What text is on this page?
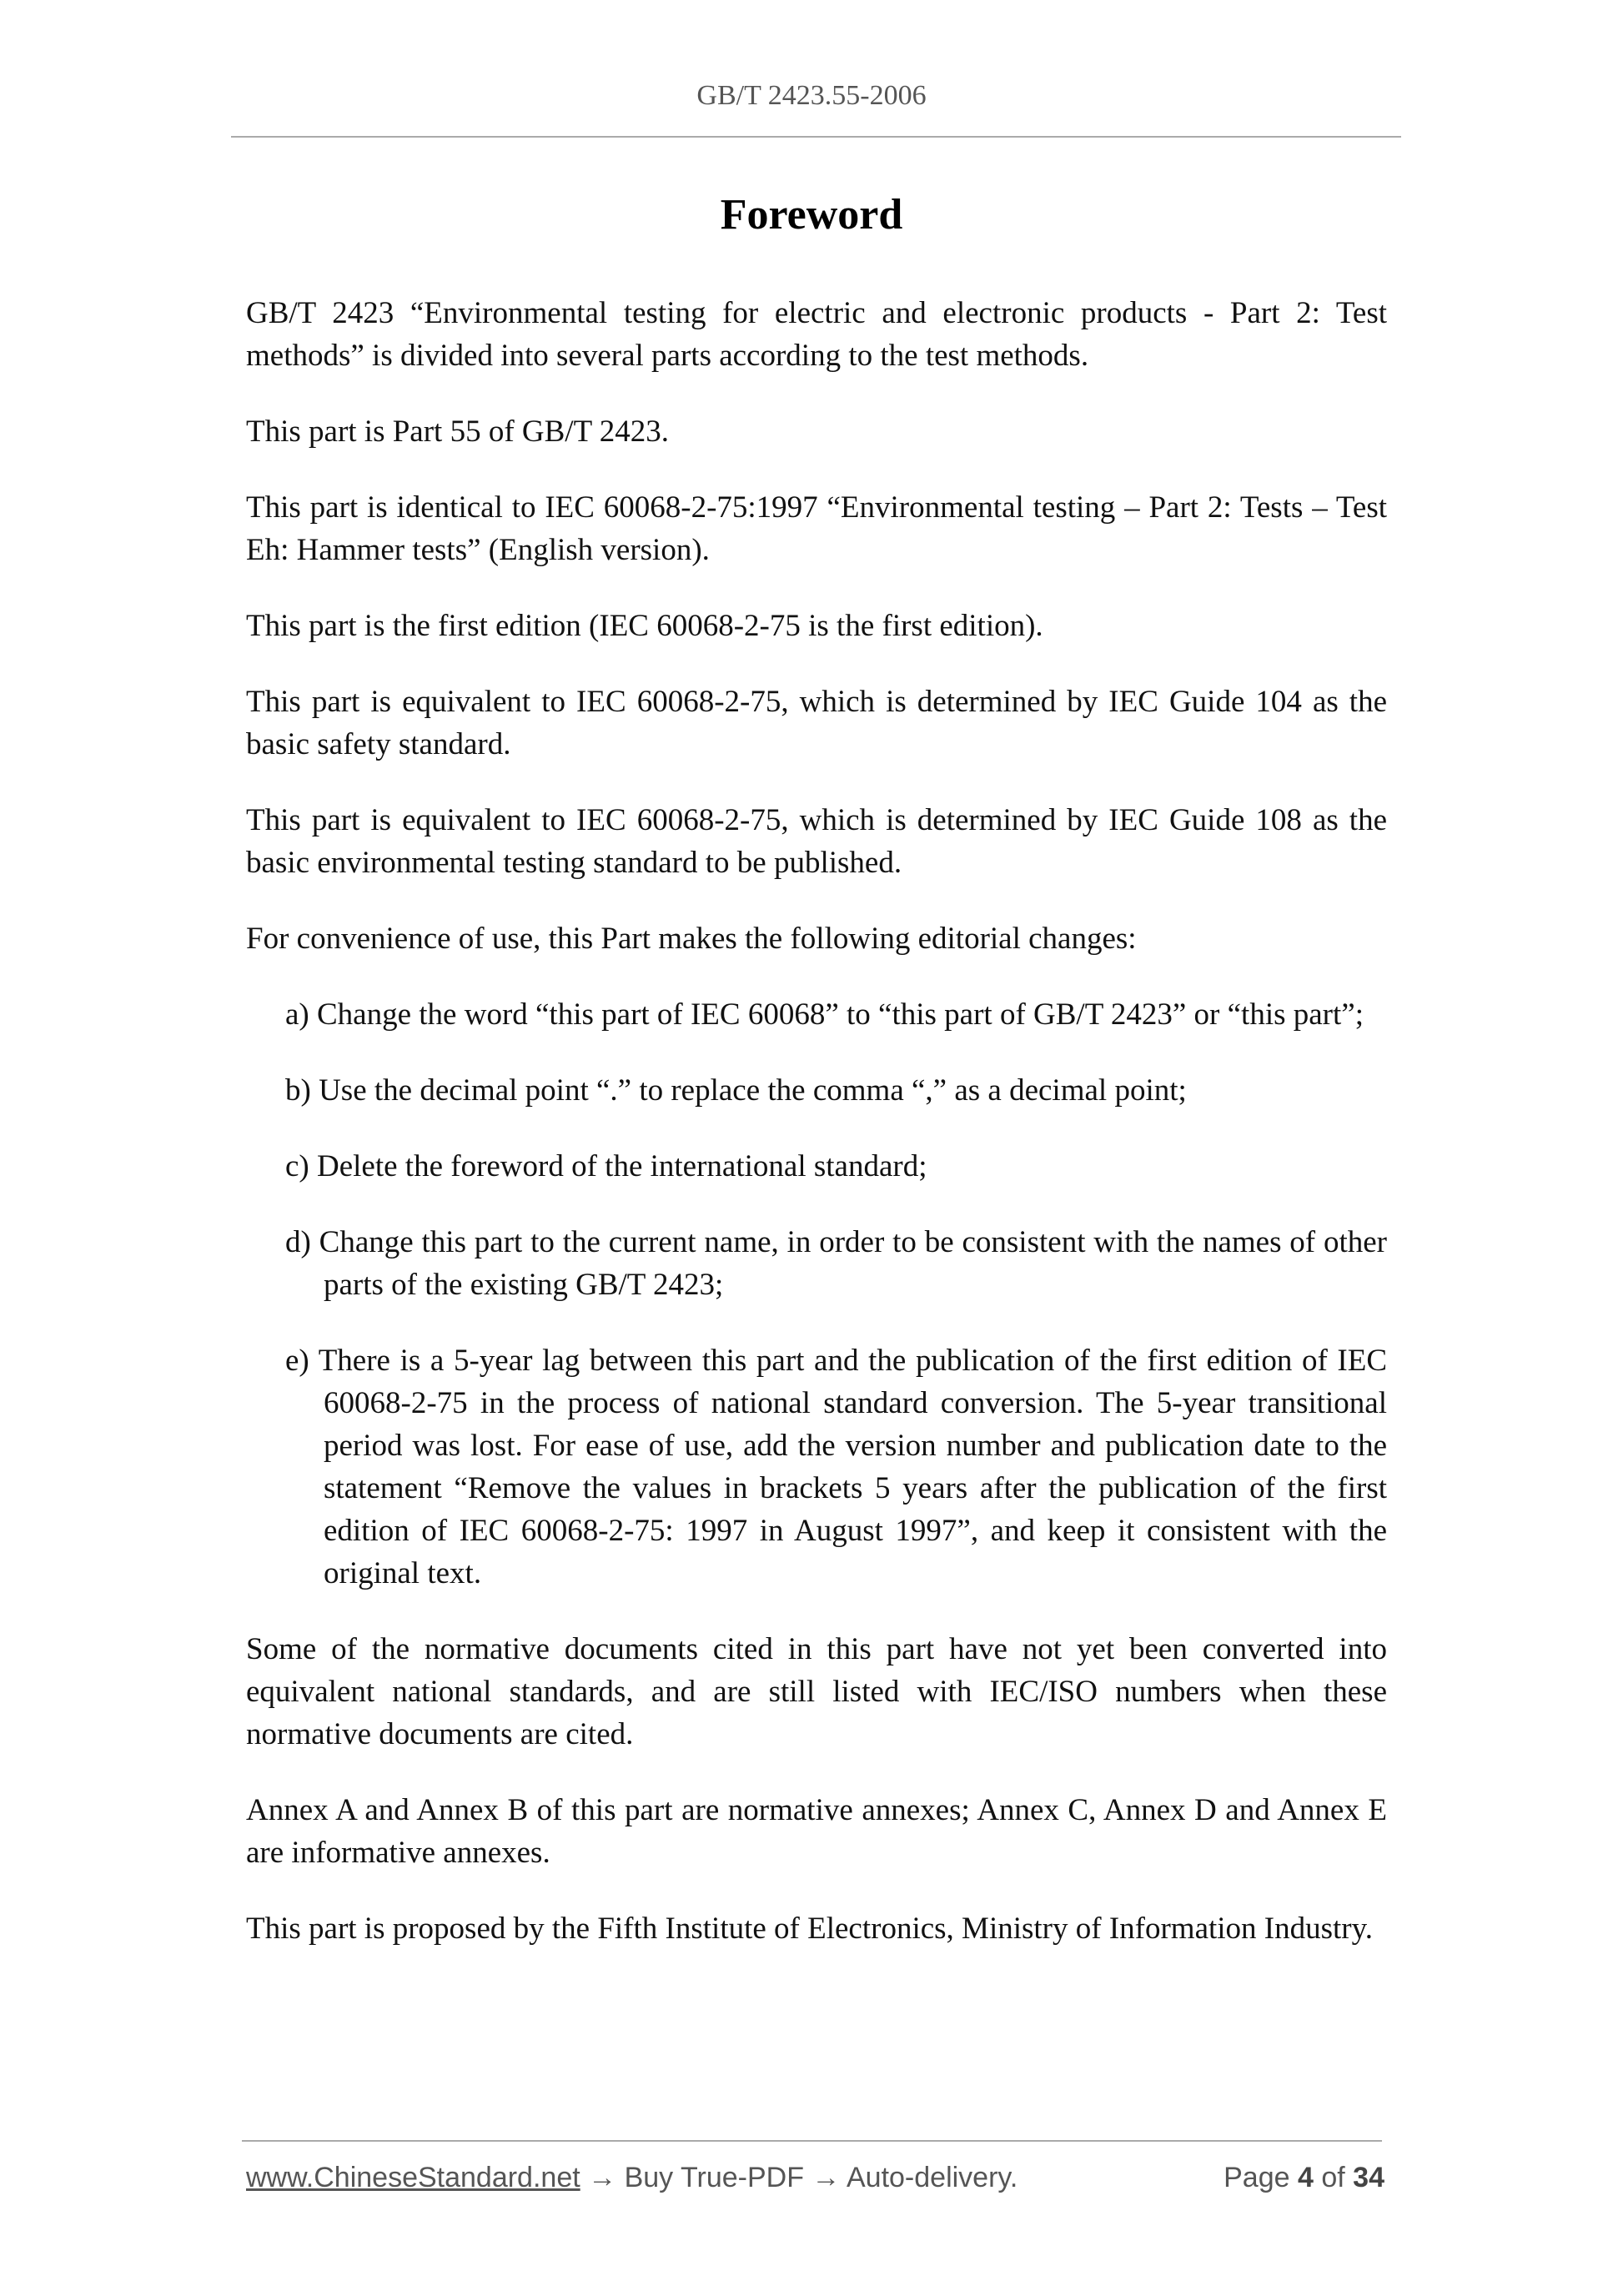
GB/T 2423.55-2006
Foreword

GB/T 2423 “Environmental testing for electric and electronic products - Part 2: Test methods” is divided into several parts according to the test methods.

This part is Part 55 of GB/T 2423.

This part is identical to IEC 60068-2-75:1997 “Environmental testing – Part 2: Tests – Test Eh: Hammer tests” (English version).

This part is the first edition (IEC 60068-2-75 is the first edition).

This part is equivalent to IEC 60068-2-75, which is determined by IEC Guide 104 as the basic safety standard.

This part is equivalent to IEC 60068-2-75, which is determined by IEC Guide 108 as the basic environmental testing standard to be published.

For convenience of use, this Part makes the following editorial changes:

a) Change the word “this part of IEC 60068” to “this part of GB/T 2423” or “this part”;

b) Use the decimal point “.” to replace the comma “,” as a decimal point;

c) Delete the foreword of the international standard;

d) Change this part to the current name, in order to be consistent with the names of other parts of the existing GB/T 2423;

e) There is a 5-year lag between this part and the publication of the first edition of IEC 60068-2-75 in the process of national standard conversion. The 5-year transitional period was lost. For ease of use, add the version number and publication date to the statement “Remove the values in brackets 5 years after the publication of the first edition of IEC 60068-2-75: 1997 in August 1997”, and keep it consistent with the original text.

Some of the normative documents cited in this part have not yet been converted into equivalent national standards, and are still listed with IEC/ISO numbers when these normative documents are cited.

Annex A and Annex B of this part are normative annexes; Annex C, Annex D and Annex E are informative annexes.

This part is proposed by the Fifth Institute of Electronics, Ministry of Information Industry.

www.ChineseStandard.net → Buy True-PDF → Auto-delivery.	Page 4 of 34
